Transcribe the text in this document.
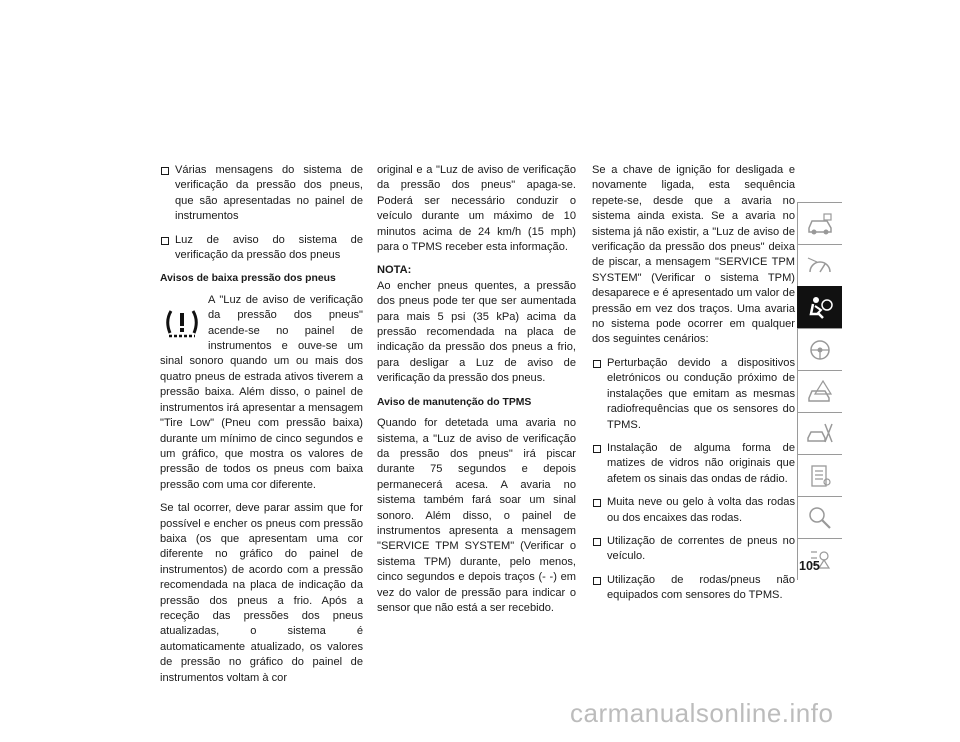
Várias mensagens do sistema de verificação da pressão dos pneus, que são apresentadas no painel de instrumentos
Luz de aviso do sistema de verificação da pressão dos pneus
Avisos de baixa pressão dos pneus

A "Luz de aviso de verificação da pressão dos pneus" acende-se no painel de instrumentos e ouve-se um sinal sonoro quando um ou mais dos quatro pneus de estrada ativos tiverem a pressão baixa. Além disso, o painel de instrumentos irá apresentar a mensagem "Tire Low" (Pneu com pressão baixa) durante um mínimo de cinco segundos e um gráfico, que mostra os valores de pressão de todos os pneus com baixa pressão com uma cor diferente.

Se tal ocorrer, deve parar assim que for possível e encher os pneus com pressão baixa (os que apresentam uma cor diferente no gráfico do painel de instrumentos) de acordo com a pressão recomendada na placa de indicação da pressão dos pneus a frio. Após a receção das pressões dos pneus atualizadas, o sistema é automaticamente atualizado, os valores de pressão no gráfico do painel de instrumentos voltam à cor

original e a "Luz de aviso de verificação da pressão dos pneus" apaga-se. Poderá ser necessário conduzir o veículo durante um máximo de 10 minutos acima de 24 km/h (15 mph) para o TPMS receber esta informação.

NOTA:

Ao encher pneus quentes, a pressão dos pneus pode ter que ser aumentada para mais 5 psi (35 kPa) acima da pressão recomendada na placa de indicação da pressão dos pneus a frio, para desligar a Luz de aviso de verificação da pressão dos pneus.

Aviso de manutenção do TPMS

Quando for detetada uma avaria no sistema, a "Luz de aviso de verificação da pressão dos pneus" irá piscar durante 75 segundos e depois permanecerá acesa. A avaria no sistema também fará soar um sinal sonoro. Além disso, o painel de instrumentos apresenta a mensagem "SERVICE TPM SYSTEM" (Verificar o sistema TPM) durante, pelo menos, cinco segundos e depois traços (- -) em vez do valor de pressão para indicar o sensor que não está a ser recebido.

Se a chave de ignição for desligada e novamente ligada, esta sequência repete-se, desde que a avaria no sistema ainda exista. Se a avaria no sistema já não existir, a "Luz de aviso de verificação da pressão dos pneus" deixa de piscar, a mensagem "SERVICE TPM SYSTEM" (Verificar o sistema TPM) desaparece e é apresentado um valor de pressão em vez dos traços. Uma avaria no sistema pode ocorrer em qualquer dos seguintes cenários:

Perturbação devido a dispositivos eletrónicos ou condução próximo de instalações que emitam as mesmas radiofrequências que os sensores do TPMS.
Instalação de alguma forma de matizes de vidros não originais que afetem os sinais das ondas de rádio.
Muita neve ou gelo à volta das rodas ou dos encaixes das rodas.
Utilização de correntes de pneus no veículo.
Utilização de rodas/pneus não equipados com sensores do TPMS.
105
carmanualsonline.info
